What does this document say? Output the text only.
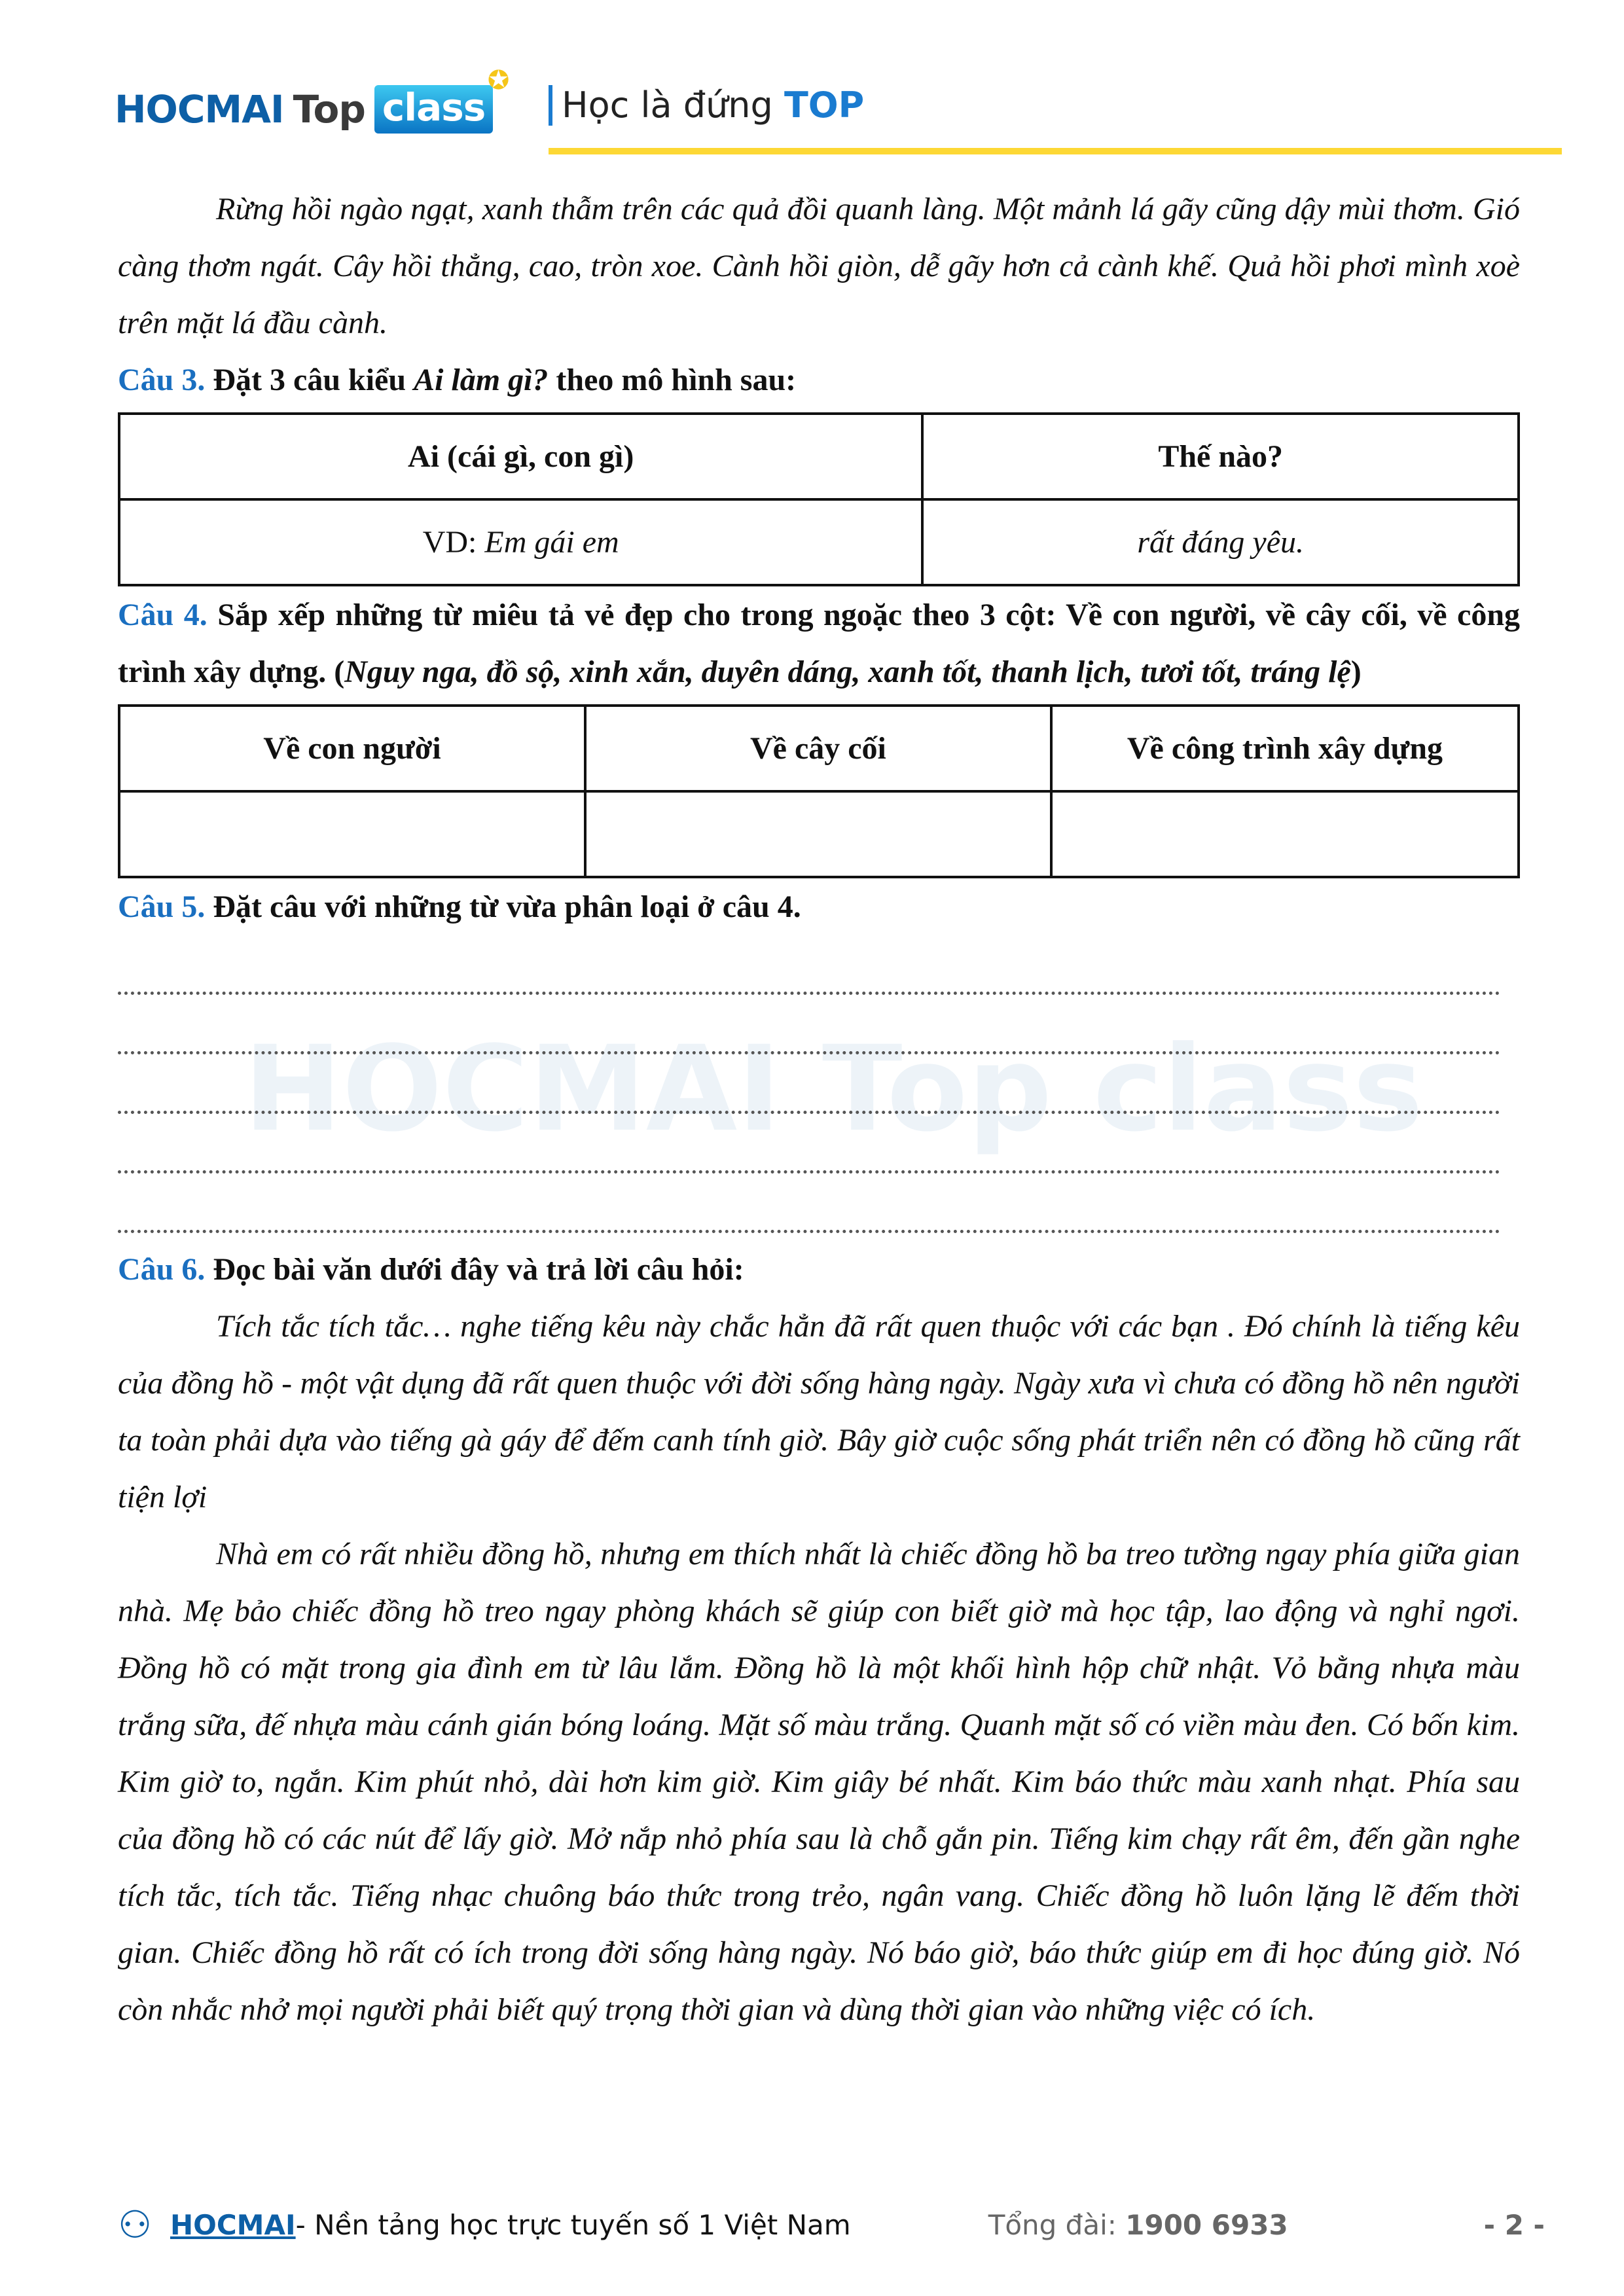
HOCMAI Top class
✪
Học là đứng TOP
HOCMAI Top class

Rừng hồi ngào ngạt, xanh thẫm trên các quả đồi quanh làng. Một mảnh lá gãy cũng dậy mùi thơm. Gió càng thơm ngát. Cây hồi thẳng, cao, tròn xoe. Cành hồi giòn, dễ gãy hơn cả cành khế. Quả hồi phơi mình xoè trên mặt lá đầu cành.

Câu 3. Đặt 3 câu kiểu Ai làm gì? theo mô hình sau:

Ai (cái gì, con gì)	Thế nào?
VD: Em gái em	rất đáng yêu.

Câu 4. Sắp xếp những từ miêu tả vẻ đẹp cho trong ngoặc theo 3 cột: Về con người, về cây cối, về công trình xây dựng. (Nguy nga, đồ sộ, xinh xắn, duyên dáng, xanh tốt, thanh lịch, tươi tốt, tráng lệ)

Về con người	Về cây cối	Về công trình xây dựng

Câu 5. Đặt câu với những từ vừa phân loại ở câu 4.

Câu 6. Đọc bài văn dưới đây và trả lời câu hỏi:

Tích tắc tích tắc… nghe tiếng kêu này chắc hẳn đã rất quen thuộc với các bạn . Đó chính là tiếng kêu của đồng hồ - một vật dụng đã rất quen thuộc với đời sống hàng ngày. Ngày xưa vì chưa có đồng hồ nên người ta toàn phải dựa vào tiếng gà gáy để đếm canh tính giờ. Bây giờ cuộc sống phát triển nên có đồng hồ cũng rất tiện lợi

Nhà em có rất nhiều đồng hồ, nhưng em thích nhất là chiếc đồng hồ ba treo tường ngay phía giữa gian nhà. Mẹ bảo chiếc đồng hồ treo ngay phòng khách sẽ giúp con biết giờ mà học tập, lao động và nghỉ ngơi. Đồng hồ có mặt trong gia đình em từ lâu lắm. Đồng hồ là một khối hình hộp chữ nhật. Vỏ bằng nhựa màu trắng sữa, đế nhựa màu cánh gián bóng loáng. Mặt số màu trắng. Quanh mặt số có viền màu đen. Có bốn kim. Kim giờ to, ngắn. Kim phút nhỏ, dài hơn kim giờ. Kim giây bé nhất. Kim báo thức màu xanh nhạt. Phía sau của đồng hồ có các nút để lấy giờ. Mở nắp nhỏ phía sau là chỗ gắn pin. Tiếng kim chạy rất êm, đến gần nghe tích tắc, tích tắc. Tiếng nhạc chuông báo thức trong trẻo, ngân vang. Chiếc đồng hồ luôn lặng lẽ đếm thời gian. Chiếc đồng hồ rất có ích trong đời sống hàng ngày. Nó báo giờ, báo thức giúp em đi học đúng giờ. Nó còn nhắc nhở mọi người phải biết quý trọng thời gian và dùng thời gian vào những việc có ích.

⚇ HOCMAI - Nền tảng học trực tuyến số 1 Việt Nam	Tổng đài: 1900 6933	- 2 -
